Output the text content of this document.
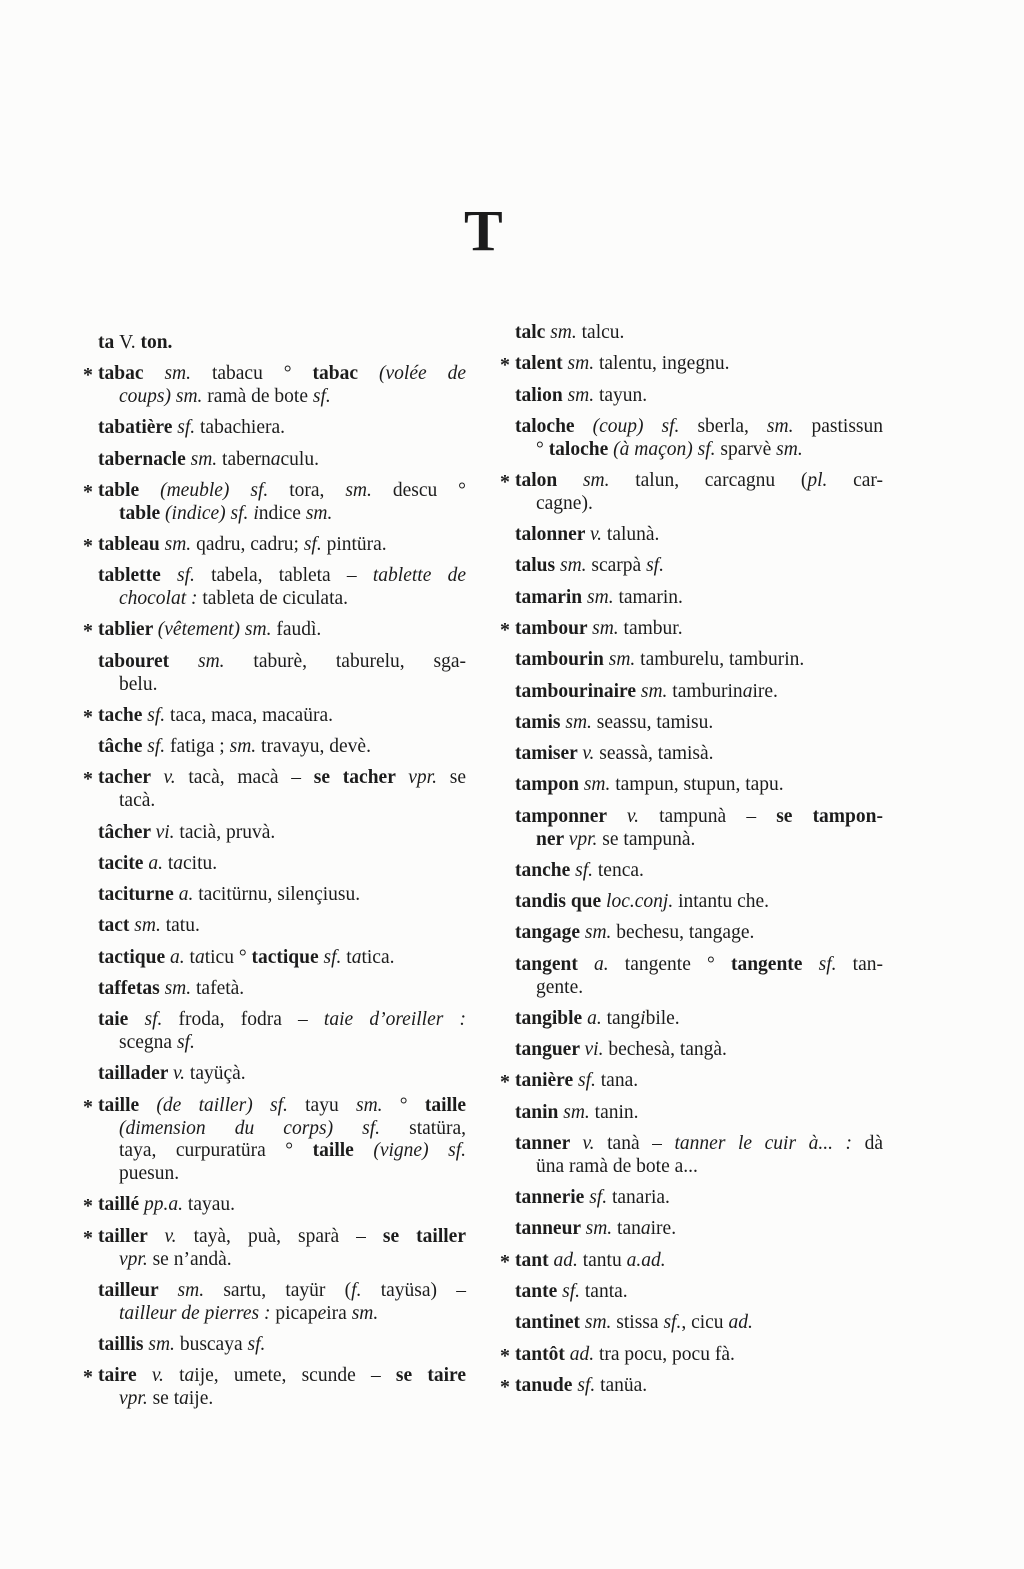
T
ta V. ton.
* tabac sm. tabacu ° tabac (volée de
coups) sm. ramà de bote sf.
tabatière sf. tabachiera.
tabernacle sm. tabernaculu.
* table (meuble) sf. tora, sm. descu °
table (indice) sf. indice sm.
* tableau sm. qadru, cadru; sf. pintüra.
tablette sf. tabela, tableta – tablette de
chocolat : tableta de ciculata.
* tablier (vêtement) sm. faudì.
tabouret sm. taburè, taburelu, sga-
belu.
* tache sf. taca, maca, macaüra.
tâche sf. fatiga ; sm. travayu, devè.
* tacher v. tacà, macà – se tacher vpr. se
tacà.
tâcher vi. tacià, pruvà.
tacite a. tacitu.
taciturne a. tacitürnu, silençiusu.
tact sm. tatu.
tactique a. taticu ° tactique sf. tatica.
taffetas sm. tafetà.
taie sf. froda, fodra – taie d’oreiller :
scegna sf.
taillader v. tayüçà.
* taille (de tailler) sf. tayu sm. ° taille
(dimension du corps) sf. statüra,
taya, curpuratüra ° taille (vigne) sf.
puesun.
* taillé pp.a. tayau.
* tailler v. tayà, puà, sparà – se tailler
vpr. se n’andà.
tailleur sm. sartu, tayür (f. tayüsa) –
tailleur de pierres : picapeira sm.
taillis sm. buscaya sf.
* taire v. taije, umete, scunde – se taire
vpr. se taije.
talc sm. talcu.
* talent sm. talentu, ingegnu.
talion sm. tayun.
taloche (coup) sf. sberla, sm. pastissun
° taloche (à maçon) sf. sparvè sm.
* talon sm. talun, carcagnu (pl. car-
cagne).
talonner v. talunà.
talus sm. scarpà sf.
tamarin sm. tamarin.
* tambour sm. tambur.
tambourin sm. tamburelu, tamburin.
tambourinaire sm. tamburinaire.
tamis sm. seassu, tamisu.
tamiser v. seassà, tamisà.
tampon sm. tampun, stupun, tapu.
tamponner v. tampunà – se tampon-
ner vpr. se tampunà.
tanche sf. tenca.
tandis que loc.conj. intantu che.
tangage sm. bechesu, tangage.
tangent a. tangente ° tangente sf. tan-
gente.
tangible a. tangibile.
tanguer vi. bechesà, tangà.
* tanière sf. tana.
tanin sm. tanin.
tanner v. tanà – tanner le cuir à... : dà
üna ramà de bote a...
tannerie sf. tanaria.
tanneur sm. tanaire.
* tant ad. tantu a.ad.
tante sf. tanta.
tantinet sm. stissa sf., cicu ad.
* tantôt ad. tra pocu, pocu fà.
* tanude sf. tanüa.
